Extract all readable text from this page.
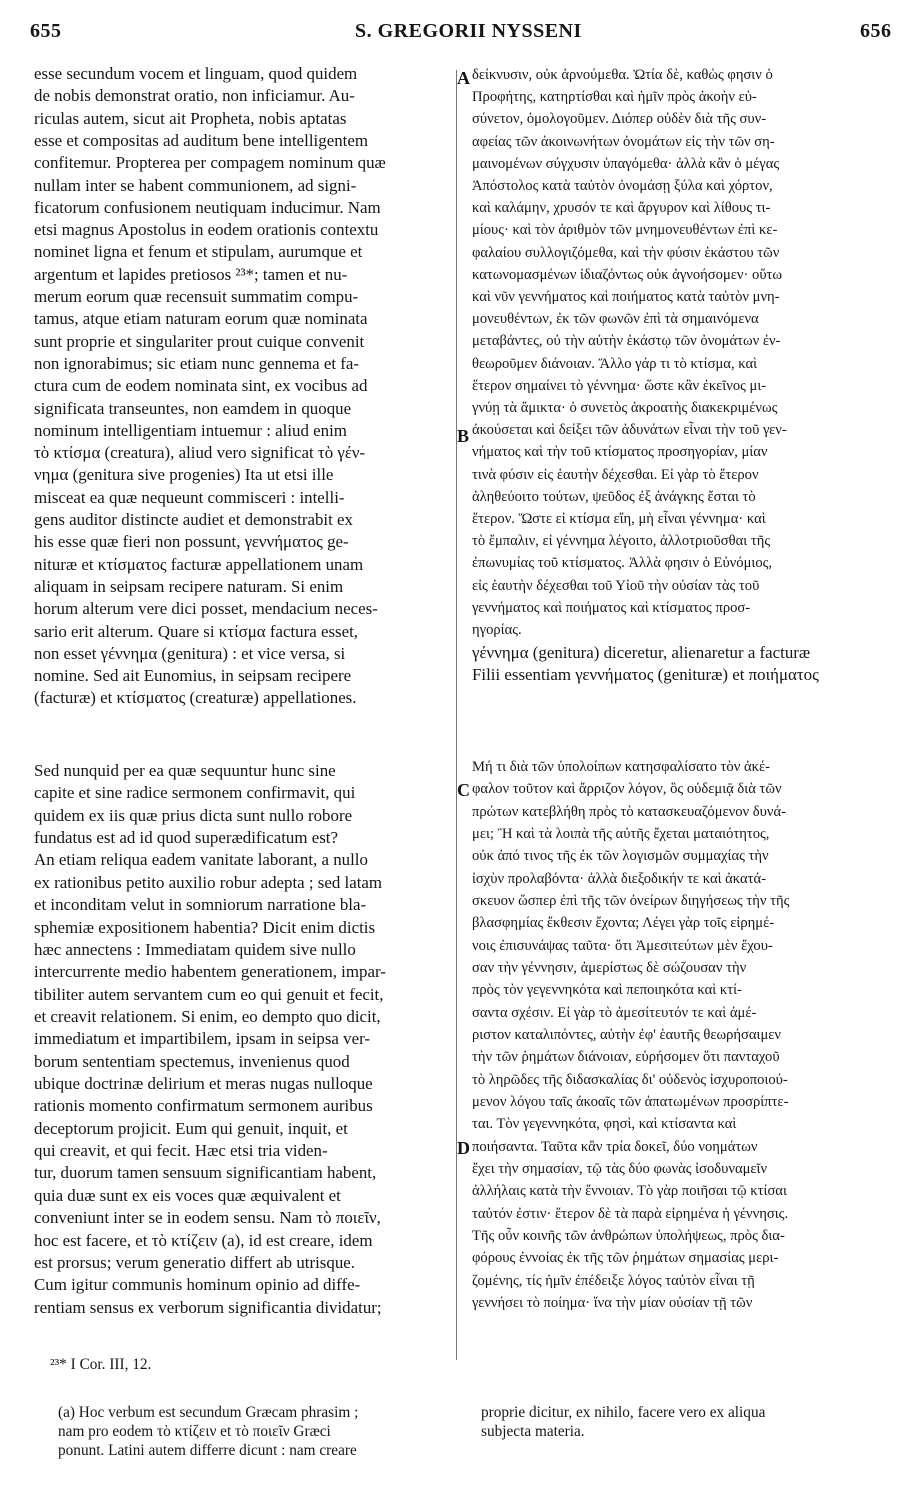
655	S. GREGORII NYSSENI	656
A
B
C
D
esse secundum vocem et linguam, quod quidem
de nobis demonstrat oratio, non inficiamur. Au-
riculas autem, sicut ait Propheta, nobis aptatas
esse et compositas ad auditum bene intelligentem
confitemur. Propterea per compagem nominum quæ
nullam inter se habent communionem, ad signi-
ficatorum confusionem neutiquam inducimur. Nam
etsi magnus Apostolus in eodem orationis contextu
nominet ligna et fenum et stipulam, aurumque et
argentum et lapides pretiosos ²³*; tamen et nu-
merum eorum quæ recensuit summatim compu-
tamus, atque etiam naturam eorum quæ nominata
sunt proprie et singulariter prout cuique convenit
non ignorabimus; sic etiam nunc gennema et fa-
ctura cum de eodem nominata sint, ex vocibus ad
significata transeuntes, non eamdem in quoque
nominum intelligentiam intuemur : aliud enim
τὸ κτίσμα (creatura), aliud vero significat τὸ γέν-
νημα (genitura sive progenies) Ita ut etsi ille
misceat ea quæ nequeunt commisceri : intelli-
gens auditor distincte audiet et demonstrabit ex
his esse quæ fieri non possunt, γεννήματος ge-
nituræ et κτίσματος facturæ appellationem unam
aliquam in seipsam recipere naturam. Si enim
horum alterum vere dici posset, mendacium neces-
sario erit alterum. Quare si κτίσμα factura esset,
non esset γέννημα (genitura) : et vice versa, si
nomine. Sed ait Eunomius, in seipsam recipere
(facturæ) et κτίσματος (creaturæ) appellationes.
Sed nunquid per ea quæ sequuntur hunc sine
capite et sine radice sermonem confirmavit, qui
quidem ex iis quæ prius dicta sunt nullo robore
fundatus est ad id quod superædificatum est?
An etiam reliqua eadem vanitate laborant, a nullo
ex rationibus petito auxilio robur adepta ; sed latam
et inconditam velut in somniorum narratione bla-
sphemiæ expositionem habentia? Dicit enim dictis
hæc annectens : Immediatam quidem sive nullo
intercurrente medio habentem generationem, impar-
tibiliter autem servantem cum eo qui genuit et fecit,
et creavit relationem. Si enim, eo dempto quo dicit,
immediatum et impartibilem, ipsam in seipsa ver-
borum sententiam spectemus, invenienus quod
ubique doctrinæ delirium et meras nugas nulloque
rationis momento confirmatum sermonem auribus
deceptorum projicit. Eum qui genuit, inquit, et
qui creavit, et qui fecit. Hæc etsi tria viden-
tur, duorum tamen sensuum significantiam habent,
quia duæ sunt ex eis voces quæ æquivalent et
conveniunt inter se in eodem sensu. Nam τὸ ποιεῖν,
hoc est facere, et τὸ κτίζειν (a), id est creare, idem
est prorsus; verum generatio differt ab utrisque.
Cum igitur communis hominum opinio ad diffe-
rentiam sensus ex verborum significantia dividatur;
δείκνυσιν, οὐκ ἀρνούμεθα. Ὠτία δὲ, καθὼς φησιν ὁ
Προφήτης, κατηρτίσθαι καὶ ἡμῖν πρὸς ἀκοὴν εὐ-
σύνετον, ὁμολογοῦμεν. Διόπερ οὐδὲν διὰ τῆς συν-
αφείας τῶν ἀκοινωνήτων ὀνομάτων εἰς τὴν τῶν ση-
μαινομένων σύγχυσιν ὑπαγόμεθα· ἀλλὰ κἂν ὁ μέγας
Ἀπόστολος κατὰ ταὐτὸν ὀνομάσῃ ξύλα καὶ χόρτον,
καὶ καλάμην, χρυσόν τε καὶ ἄργυρον καὶ λίθους τι-
μίους· καὶ τὸν ἀριθμὸν τῶν μνημονευθέντων ἐπὶ κε-
φαλαίου συλλογιζόμεθα, καὶ τὴν φύσιν ἑκάστου τῶν
κατωνομασμένων ἰδιαζόντως οὐκ ἀγνοήσομεν· οὕτω
καὶ νῦν γεννήματος καὶ ποιήματος κατὰ ταὐτὸν μνη-
μονευθέντων, ἐκ τῶν φωνῶν ἐπὶ τὰ σημαινόμενα
μεταβάντες, οὐ τὴν αὐτὴν ἑκάστῳ τῶν ὀνομάτων ἐν-
θεωροῦμεν διάνοιαν. Ἄλλο γάρ τι τὸ κτίσμα, καὶ
ἕτερον σημαίνει τὸ γέννημα· ὥστε κἂν ἐκεῖνος μι-
γνύῃ τὰ ἄμικτα· ὁ συνετὸς ἀκροατὴς διακεκριμένως
ἀκούσεται καὶ δείξει τῶν ἀδυνάτων εἶναι τὴν τοῦ γεν-
νήματος καὶ τὴν τοῦ κτίσματος προσηγορίαν, μίαν
τινὰ φύσιν εἰς ἑαυτὴν δέχεσθαι. Εἰ γὰρ τὸ ἕτερον
ἀληθεύοιτο τούτων, ψεῦδος ἐξ ἀνάγκης ἔσται τὸ
ἕτερον. Ὥστε εἰ κτίσμα εἴη, μὴ εἶναι γέννημα· καὶ
τὸ ἔμπαλιν, εἰ γέννημα λέγοιτο, ἀλλοτριοῦσθαι τῆς
ἐπωνυμίας τοῦ κτίσματος. Ἀλλὰ φησιν ὁ Εὐνόμιος,
εἰς ἑαυτὴν δέχεσθαι τοῦ Υἱοῦ τὴν οὐσίαν τὰς τοῦ
γεννήματος καὶ ποιήματος καὶ κτίσματος προσ-
ηγορίας.
γέννημα (genitura) diceretur, alienaretur a facturæ
Filii essentiam γεννήματος (genituræ) et ποιήματος
Μή τι διὰ τῶν ὑπολοίπων κατησφαλίσατο τὸν ἀκέ-
φαλον τοῦτον καὶ ἄρριζον λόγον, ὃς οὐδεμιᾷ διὰ τῶν
πρώτων κατεβλήθη πρὸς τὸ κατασκευαζόμενον δυνά-
μει; Ἢ καὶ τὰ λοιπὰ τῆς αὐτῆς ἔχεται ματαιότητος,
οὐκ ἀπό τινος τῆς ἐκ τῶν λογισμῶν συμμαχίας τὴν
ἰσχὺν προλαβόντα· ἀλλὰ διεξοδικήν τε καὶ ἀκατά-
σκευον ὥσπερ ἐπὶ τῆς τῶν ὀνείρων διηγήσεως τὴν τῆς
βλασφημίας ἔκθεσιν ἔχοντα; Λέγει γὰρ τοῖς εἰρημέ-
νοις ἐπισυνάψας ταῦτα· ὅτι Ἀμεσιτεύτων μὲν ἔχου-
σαν τὴν γέννησιν, ἀμερίστως δὲ σώζουσαν τὴν
πρὸς τὸν γεγεννηκότα καὶ πεποιηκότα καὶ κτί-
σαντα σχέσιν. Εἰ γὰρ τὸ ἀμεσίτευτόν τε καὶ ἀμέ-
ριστον καταλιπόντες, αὐτὴν ἐφ' ἑαυτῆς θεωρήσαιμεν
τὴν τῶν ῥημάτων διάνοιαν, εὑρήσομεν ὅτι πανταχοῦ
τὸ ληρῶδες τῆς διδασκαλίας δι' οὐδενὸς ἰσχυροποιού-
μενον λόγου ταῖς ἀκοαῖς τῶν ἀπατωμένων προσρίπτε-
ται. Τὸν γεγεννηκότα, φησὶ, καὶ κτίσαντα καὶ
ποιήσαντα. Ταῦτα κἂν τρία δοκεῖ, δύο νοημάτων
ἔχει τὴν σημασίαν, τῷ τὰς δύο φωνὰς ἰσοδυναμεῖν
ἀλλήλαις κατὰ τὴν ἔννοιαν. Τὸ γὰρ ποιῆσαι τῷ κτίσαι
ταὐτόν ἐστιν· ἕτερον δὲ τὰ παρὰ εἰρημένα ἡ γέννησις.
Τῆς οὖν κοινῆς τῶν ἀνθρώπων ὑπολήψεως, πρὸς δια-
φόρους ἐννοίας ἐκ τῆς τῶν ῥημάτων σημασίας μερι-
ζομένης, τίς ἡμῖν ἐπέδειξε λόγος ταὐτὸν εἶναι τῇ
γεννήσει τὸ ποίημα· ἵνα τὴν μίαν οὐσίαν τῇ τῶν
²³* I Cor. III, 12.
(a) Hoc verbum est secundum Græcam phrasim ;
nam pro eodem τὸ κτίζειν et τὸ ποιεῖν Græci
ponunt. Latini autem differre dicunt : nam creare
proprie dicitur, ex nihilo, facere vero ex aliqua
subjecta materia.
